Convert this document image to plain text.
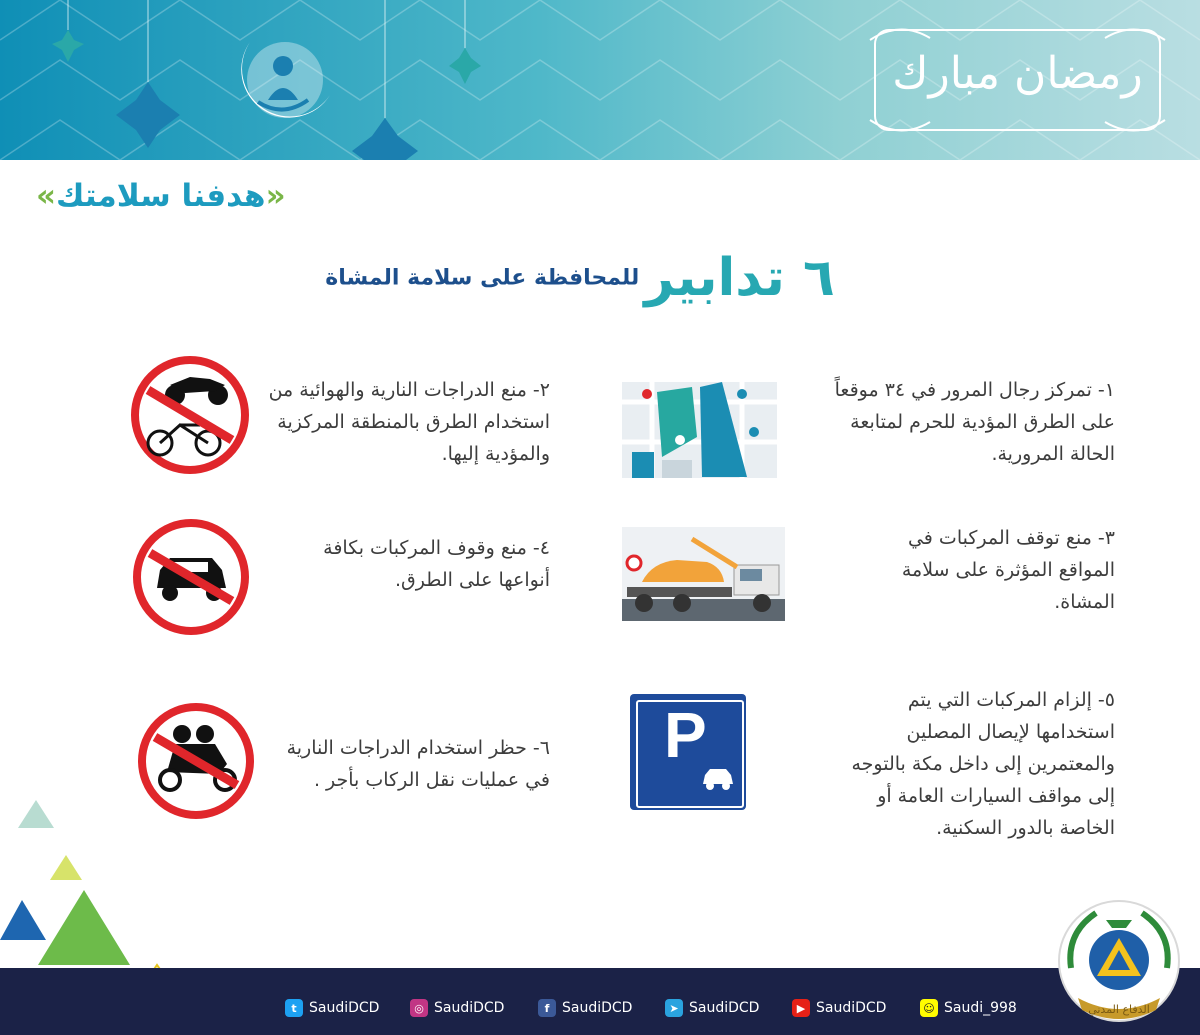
رمضان مبارك
«هدفنا سلامتك»
٦ تدابير للمحافظة على سلامة المشاة
١- تمركز رجال المرور في ٣٤ موقعاً على الطرق المؤدية للحرم لمتابعة الحالة المرورية.
٢- منع الدراجات النارية والهوائية من استخدام الطرق بالمنطقة المركزية والمؤدية إليها.
٣- منع توقف المركبات في المواقع المؤثرة على سلامة المشاة.
٤- منع وقوف المركبات بكافة أنواعها على الطرق.
٥- إلزام المركبات التي يتم استخدامها لإيصال المصلين والمعتمرين إلى داخل مكة بالتوجه إلى مواقف السيارات العامة أو الخاصة بالدور السكنية.
P
٦- حظر استخدام الدراجات النارية في عمليات نقل الركاب بأجر .
t SaudiDCD	◎ SaudiDCD	f SaudiDCD	➤ SaudiDCD	▶ SaudiDCD	☺ Saudi_998	الدفاع المدني
